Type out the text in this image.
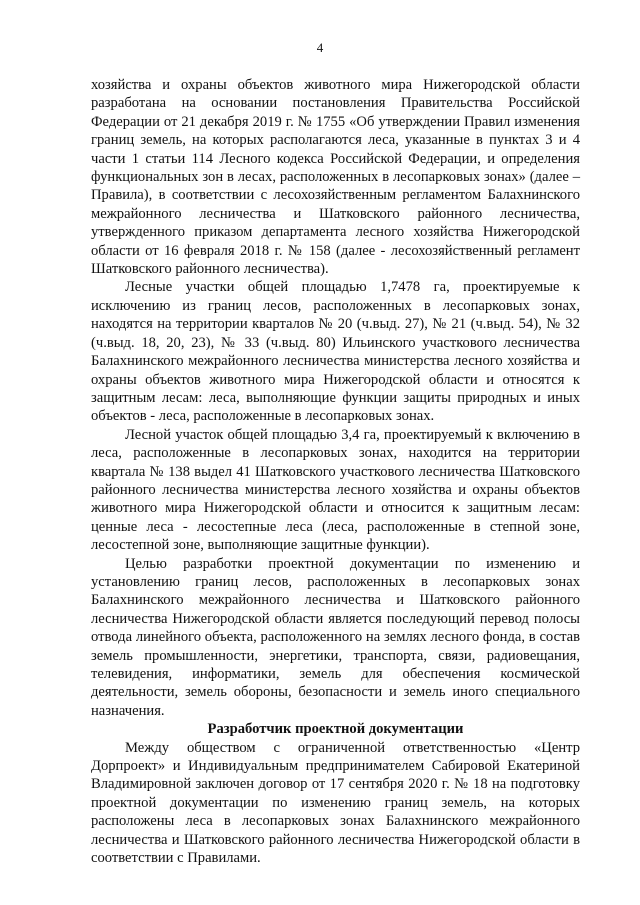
4

хозяйства и охраны объектов животного мира Нижегородской области разработана на основании постановления Правительства Российской Федерации от 21 декабря 2019 г. № 1755 «Об утверждении Правил изменения границ земель, на которых располагаются леса, указанные в пунктах 3 и 4 части 1 статьи 114 Лесного кодекса Российской Федерации, и определения функциональных зон в лесах, расположенных в лесопарковых зонах» (далее – Правила), в соответствии с лесохозяйственным регламентом Балахнинского межрайонного лесничества и Шатковского районного лесничества, утвержденного приказом департамента лесного хозяйства Нижегородской области от 16 февраля 2018 г. № 158 (далее - лесохозяйственный регламент Шатковского районного лесничества).

Лесные участки общей площадью 1,7478 га, проектируемые к исключению из границ лесов, расположенных в лесопарковых зонах, находятся на территории кварталов № 20 (ч.выд. 27), № 21 (ч.выд. 54), № 32 (ч.выд. 18, 20, 23), № 33 (ч.выд. 80) Ильинского участкового лесничества Балахнинского межрайонного лесничества министерства лесного хозяйства и охраны объектов животного мира Нижегородской области и относятся к защитным лесам: леса, выполняющие функции защиты природных и иных объектов - леса, расположенные в лесопарковых зонах.

Лесной участок общей площадью 3,4 га, проектируемый к включению в леса, расположенные в лесопарковых зонах, находится на территории квартала № 138 выдел 41 Шатковского участкового лесничества Шатковского районного лесничества министерства лесного хозяйства и охраны объектов животного мира Нижегородской области и относится к защитным лесам: ценные леса - лесостепные леса (леса, расположенные в степной зоне, лесостепной зоне, выполняющие защитные функции).

Целью разработки проектной документации по изменению и установлению границ лесов, расположенных в лесопарковых зонах Балахнинского межрайонного лесничества и Шатковского районного лесничества Нижегородской области является последующий перевод полосы отвода линейного объекта, расположенного на землях лесного фонда, в состав земель промышленности, энергетики, транспорта, связи, радиовещания, телевидения, информатики, земель для обеспечения космической деятельности, земель обороны, безопасности и земель иного специального назначения.

Разработчик проектной документации

Между обществом с ограниченной ответственностью «Центр Дорпроект» и Индивидуальным предпринимателем Сабировой Екатериной Владимировной заключен договор от 17 сентября 2020 г. № 18 на подготовку проектной документации по изменению границ земель, на которых расположены леса в лесопарковых зонах Балахнинского межрайонного лесничества и Шатковского районного лесничества Нижегородской области в соответствии с Правилами.
